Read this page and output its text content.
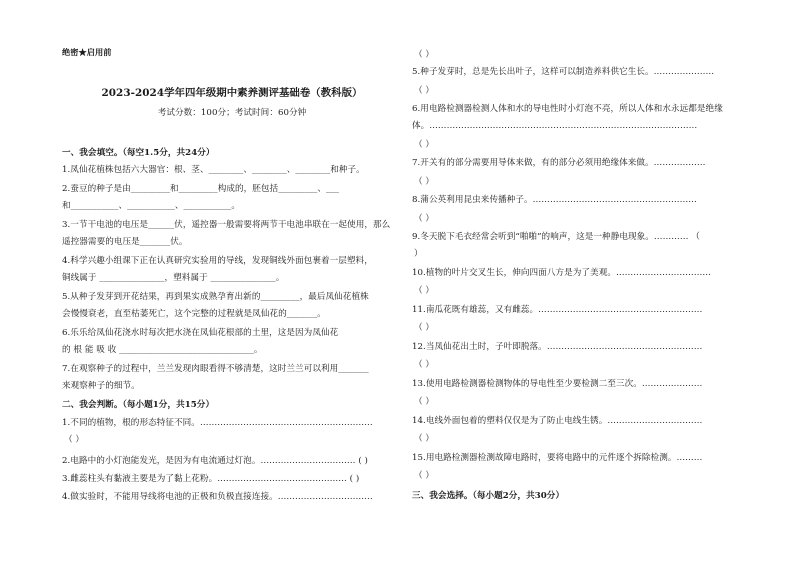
绝密★启用前
2023-2024学年四年级期中素养测评基础卷（教科版）
考试分数：100分；考试时间：60分钟
一、我会填空。（每空1.5分，共24分）
1.凤仙花植株包括六大器官：根、茎、________、________、________和种子。
2.蚕豆的种子是由_________和_________构成的，胚包括_________、___
和___________、___________、___________。
3.一节干电池的电压是______伏，遥控器一般需要将两节干电池串联在一起使用，那么
遥控器需要的电压是_______伏。
4.科学兴趣小组课下正在认真研究实验用的导线，发现铜线外面包裹着一层塑料，
铜线属于 _______________，塑料属于 _______________。
5.从种子发芽到开花结果，再到果实成熟孕育出新的_________，最后凤仙花植株
会慢慢衰老，直至枯萎死亡，这个完整的过程就是凤仙花的_______。
6.乐乐给凤仙花浇水时每次把水浇在凤仙花根部的土里，这是因为凤仙花
的 根 能 吸 收 _______________________________。
7.在观察种子的过程中，兰兰发现肉眼看得不够清楚，这时兰兰可以利用_______
来观察种子的细节。
二、我会判断。（每小题1分，共15分）
1.不同的植物，根的形态特征不同。……………………………………………………
（ ）
2.电路中的小灯泡能发光，是因为有电流通过灯泡。…………………………… ( )
3.雌蕊柱头有黏液主要是为了黏上花粉。……………………………………… ( )
4.做实验时，不能用导线将电池的正极和负极直接连接。……………………………
（ ）
5.种子发芽时，总是先长出叶子，这样可以制造养料供它生长。…………………
（ ）
6.用电路检测器检测人体和水的导电性时小灯泡不亮，所以人体和水永远都是绝缘
体。…………………………………………………………………………………
（ ）
7.开关有的部分需要用导体来做，有的部分必须用绝缘体来做。………………
（ ）
8.蒲公英利用昆虫来传播种子。…………………………………………………
（ ）
9.冬天脱下毛衣经常会听到“啪啪”的响声，这是一种静电现象。………… （
）
10.植物的叶片交叉生长，伸向四面八方是为了美观。……………………………
（ ）
11.南瓜花既有雄蕊，又有雌蕊。…………………………………………………
（ ）
12.当凤仙花出土时，子叶即脱落。………………………………………………
（ ）
13.使用电路检测器检测物体的导电性至少要检测二至三次。…………………
（ ）
14.电线外面包着的塑料仅仅是为了防止电线生锈。……………………………
（ ）
15.用电路检测器检测故障电路时，要将电路中的元件逐个拆除检测。………
（ ）
三、我会选择。（每小题2分，共30分）
